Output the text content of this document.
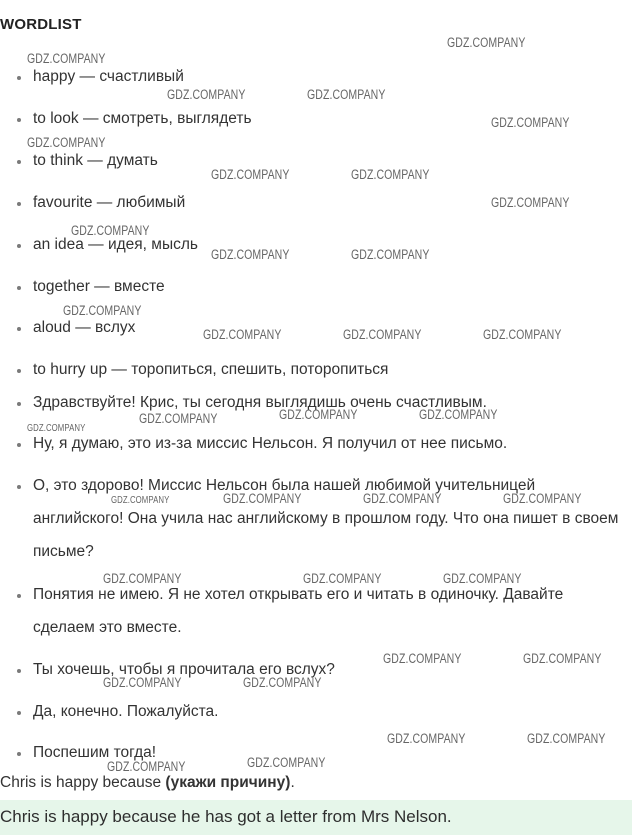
WORDLIST
happy — счастливый
to look — смотреть, выглядеть
to think — думать
favourite — любимый
an idea — идея, мысль
together — вместе
aloud — вслух
to hurry up — торопиться, спешить, поторопиться
Здравствуйте! Крис, ты сегодня выглядишь очень счастливым.
Ну, я думаю, это из-за миссис Нельсон. Я получил от нее письмо.
О, это здорово! Миссис Нельсон была нашей любимой учительницей английского! Она учила нас английскому в прошлом году. Что она пишет в своем письме?
Понятия не имею. Я не хотел открывать его и читать в одиночку. Давайте сделаем это вместе.
Ты хочешь, чтобы я прочитала его вслух?
Да, конечно. Пожалуйста.
Поспешим тогда!
Chris is happy because (укажи причину).
Chris is happy because he has got a letter from Mrs Nelson.
GDZ.COMPANY
GDZ.COMPANY
GDZ.COMPANY	GDZ.COMPANY
GDZ.COMPANY
GDZ.COMPANY
GDZ.COMPANY	GDZ.COMPANY
GDZ.COMPANY
GDZ.COMPANY
GDZ.COMPANY	GDZ.COMPANY
GDZ.COMPANY
GDZ.COMPANY	GDZ.COMPANY	GDZ.COMPANY
GDZ.COMPANY	GDZ.COMPANY	GDZ.COMPANY
GDZ.COMPANY
GDZ.COMPANY	GDZ.COMPANY	GDZ.COMPANY	GDZ.COMPANY
GDZ.COMPANY	GDZ.COMPANY	GDZ.COMPANY
GDZ.COMPANY	GDZ.COMPANY
GDZ.COMPANY	GDZ.COMPANY
GDZ.COMPANY	GDZ.COMPANY
GDZ.COMPANY
GDZ.COMPANY
